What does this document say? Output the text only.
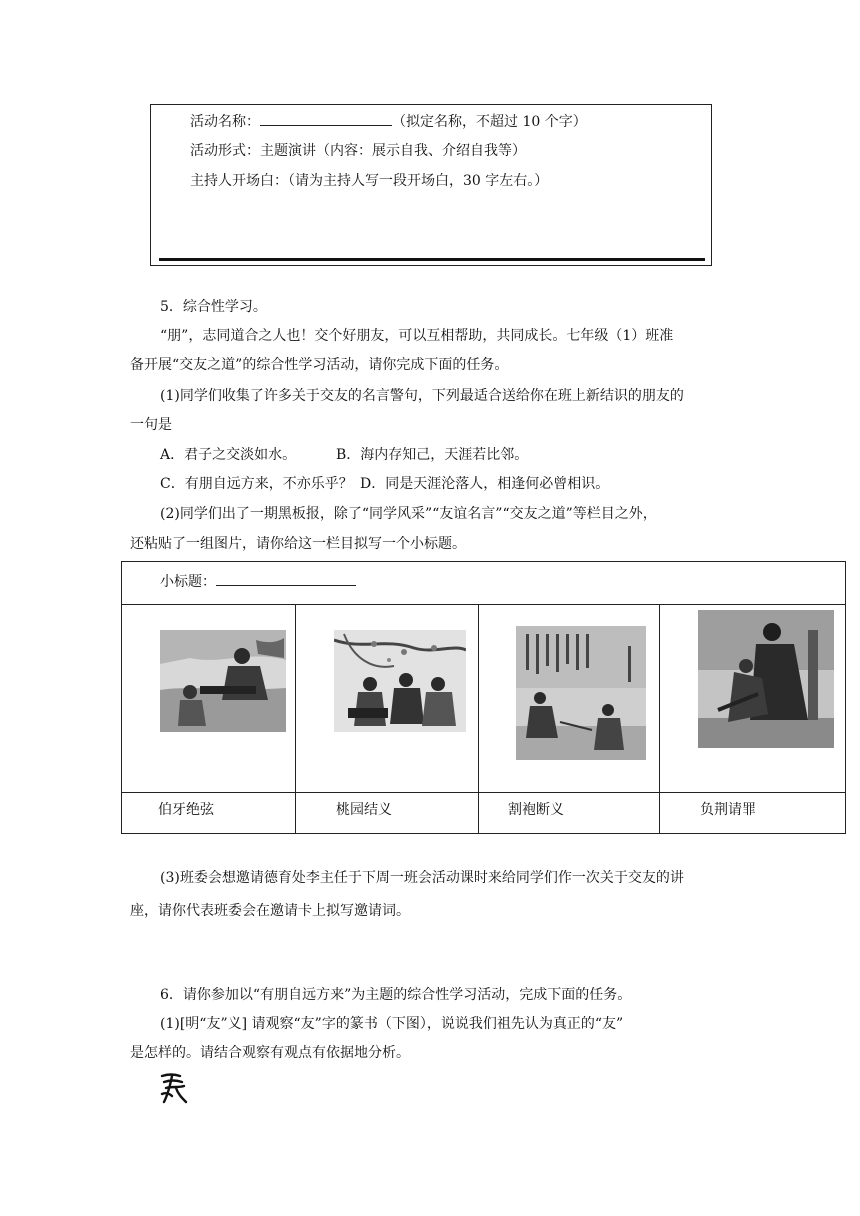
活动名称：	（拟定名称，不超过 10 个字）
活动形式：主题演讲（内容：展示自我、介绍自我等）
主持人开场白：（请为主持人写一段开场白，30 字左右。）
5．综合性学习。
“朋”，志同道合之人也！交个好朋友，可以互相帮助，共同成长。七年级（1）班准
备开展“交友之道”的综合性学习活动，请你完成下面的任务。
(1)同学们收集了许多关于交友的名言警句，下列最适合送给你在班上新结识的朋友的
一句是
A．君子之交淡如水。	B．海内存知己，天涯若比邻。
C．有朋自远方来，不亦乐乎？ D．同是天涯沦落人，相逢何必曾相识。
(2)同学们出了一期黑板报，除了“同学风采”“友谊名言”“交友之道”等栏目之外，
还粘贴了一组图片，请你给这一栏目拟写一个小标题。
小标题：
伯牙绝弦	桃园结义	割袍断义	负荆请罪
(3)班委会想邀请德育处李主任于下周一班会活动课时来给同学们作一次关于交友的讲
座，请你代表班委会在邀请卡上拟写邀请词。
6．请你参加以“有朋自远方来”为主题的综合性学习活动，完成下面的任务。
(1)[明“友”义] 请观察“友”字的篆书（下图），说说我们祖先认为真正的“友”
是怎样的。请结合观察有观点有依据地分析。
